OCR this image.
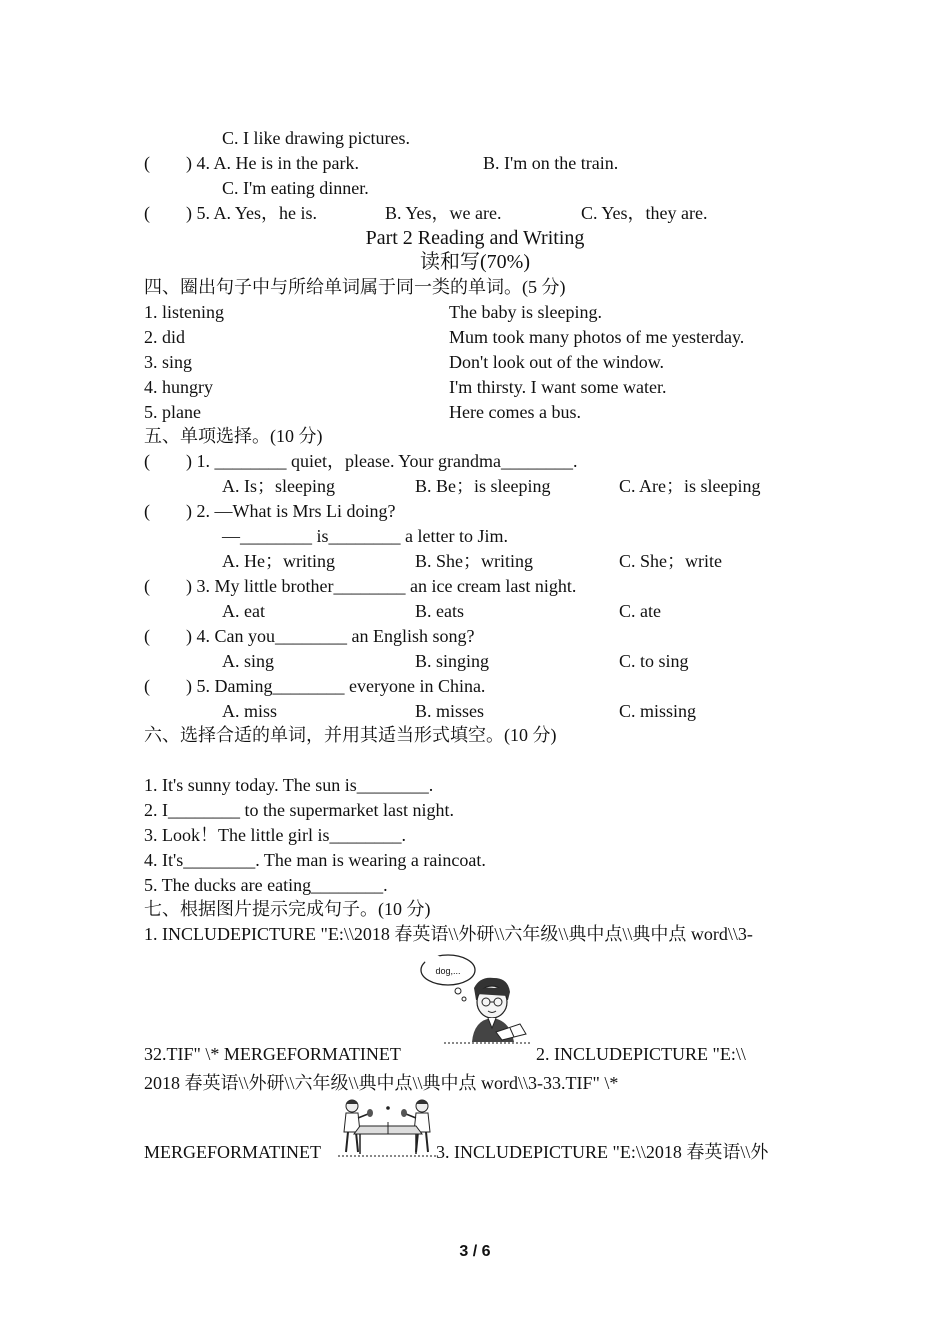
C. I like drawing pictures.
(　　) 4. A. He is in the park.	B. I'm on the train.
C. I'm eating dinner.
(　　) 5. A. Yes，he is.	B. Yes，we are.	C. Yes，they are.
Part 2 Reading and Writing
读和写(70%)
四、圈出句子中与所给单词属于同一类的单词。(5 分)
1. listening	The baby is sleeping.
2. did	Mum took many photos of me yesterday.
3. sing	Don't look out of the window.
4. hungry	I'm thirsty. I want some water.
5. plane	Here comes a bus.
五、单项选择。(10 分)
(　　) 1. ________ quiet，please. Your grandma________.
A. Is；sleeping	B. Be；is sleeping	C. Are；is sleeping
(　　) 2. —What is Mrs Li doing?
—________ is________ a letter to Jim.
A. He；writing	B. She；writing	C. She；write
(　　) 3. My little brother________ an ice cream last night.
A. eat	B. eats	C. ate
(　　) 4. Can you________ an English song?
A. sing	B. singing	C. to sing
(　　) 5. Daming________ everyone in China.
A. miss	B. misses	C. missing
六、选择合适的单词，并用其适当形式填空。(10 分)
1. It's sunny today. The sun is________.
2. I________ to the supermarket last night.
3. Look！The little girl is________.
4. It's________. The man is wearing a raincoat.
5. The ducks are eating________.
七、根据图片提示完成句子。(10 分)
1. INCLUDEPICTURE "E:\\2018 春英语\\外研\\六年级\\典中点\\典中点 word\\3-
dog,...
32.TIF" \* MERGEFORMATINET	2. INCLUDEPICTURE "E:\\
2018 春英语\\外研\\六年级\\典中点\\典中点 word\\3-33.TIF" \*
MERGEFORMATINET	3. INCLUDEPICTURE "E:\\2018 春英语\\外
3 / 6
